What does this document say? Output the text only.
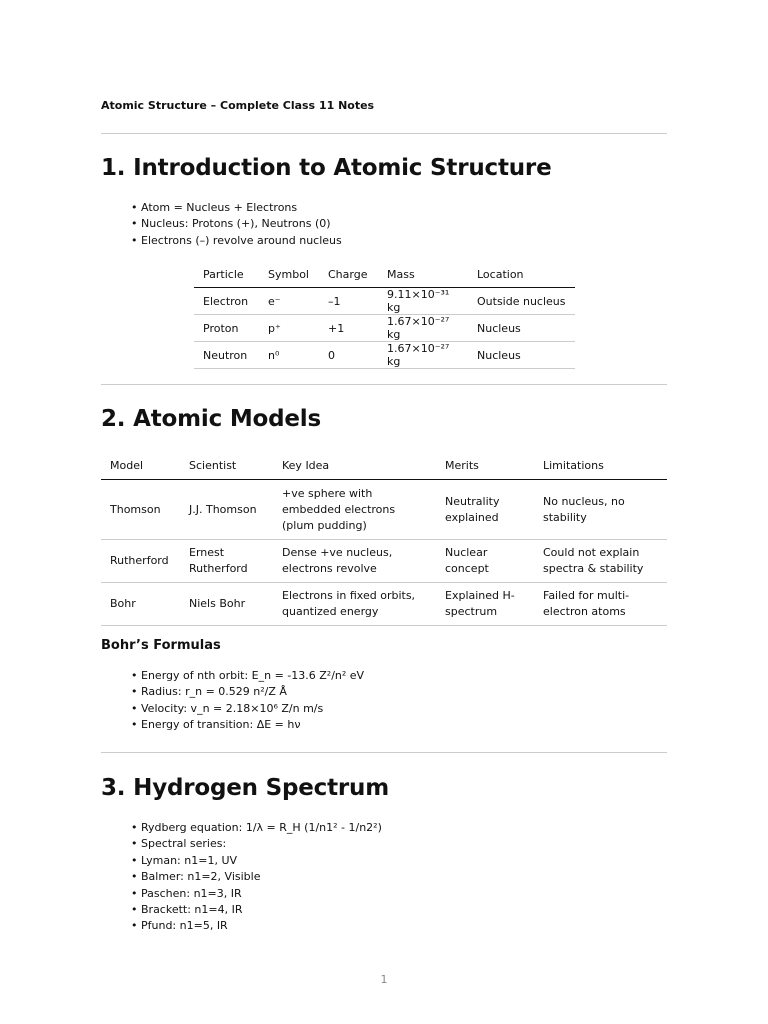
Atomic Structure – Complete Class 11 Notes
1. Introduction to Atomic Structure
• Atom = Nucleus + Electrons
• Nucleus: Protons (+), Neutrons (0)
• Electrons (–) revolve around nucleus
Particle	Symbol	Charge	Mass	Location
Electron	e⁻	–1	9.11×10⁻³¹ kg	Outside nucleus
Proton	p⁺	+1	1.67×10⁻²⁷ kg	Nucleus
Neutron	n⁰	0	1.67×10⁻²⁷ kg	Nucleus
2. Atomic Models
Model	Scientist	Key Idea	Merits	Limitations
Thomson	J.J. Thomson	+ve sphere with embedded electrons (plum pudding)	Neutrality explained	No nucleus, no stability
Rutherford	Ernest Rutherford	Dense +ve nucleus, electrons revolve	Nuclear concept	Could not explain spectra & stability
Bohr	Niels Bohr	Electrons in fixed orbits, quantized energy	Explained H-spectrum	Failed for multi-electron atoms
Bohr’s Formulas
• Energy of nth orbit: E_n = -13.6 Z²/n² eV
• Radius: r_n = 0.529 n²/Z Å
• Velocity: v_n = 2.18×10⁶ Z/n m/s
• Energy of transition: ΔE = hν
3. Hydrogen Spectrum
• Rydberg equation: 1/λ = R_H (1/n1² - 1/n2²)
• Spectral series:
• Lyman: n1=1, UV
• Balmer: n1=2, Visible
• Paschen: n1=3, IR
• Brackett: n1=4, IR
• Pfund: n1=5, IR
1
